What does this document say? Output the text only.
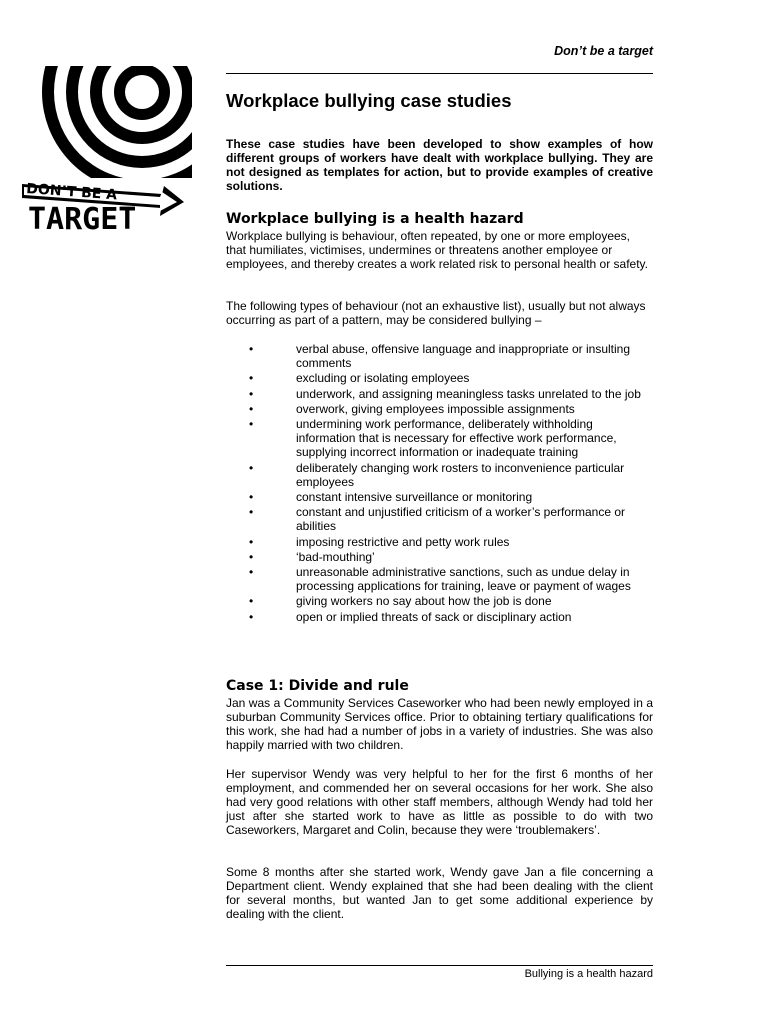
Don’t be a target
DON’T BE A
TARGET
Workplace bullying case studies
These case studies have been developed to show examples of how different groups of workers have dealt with workplace bullying. They are not designed as templates for action, but to provide examples of creative solutions.
Workplace bullying is a health hazard
Workplace bullying is behaviour, often repeated, by one or more employees, that humiliates, victimises, undermines or threatens another employee or employees, and thereby creates a work related risk to personal health or safety.
The following types of behaviour (not an exhaustive list), usually but not always occurring as part of a pattern, may be considered bullying –
•	verbal abuse, offensive language and inappropriate or insulting comments
•	excluding or isolating employees
•	underwork, and assigning meaningless tasks unrelated to the job
•	overwork, giving employees impossible assignments
•	undermining work performance, deliberately withholding information that is necessary for effective work performance, supplying incorrect information or inadequate training
•	deliberately changing work rosters to inconvenience particular employees
•	constant intensive surveillance or monitoring
•	constant and unjustified criticism of a worker’s performance or abilities
•	imposing restrictive and petty work rules
•	‘bad-mouthing’
•	unreasonable administrative sanctions, such as undue delay in processing applications for training, leave or payment of wages
•	giving workers no say about how the job is done
•	open or implied threats of sack or disciplinary action
Case 1: Divide and rule
Jan was a Community Services Caseworker who had been newly employed in a suburban Community Services office. Prior to obtaining tertiary qualifications for this work, she had had a number of jobs in a variety of industries. She was also happily married with two children.
Her supervisor Wendy was very helpful to her for the first 6 months of her employment, and commended her on several occasions for her work. She also had very good relations with other staff members, although Wendy had told her just after she started work to have as little as possible to do with two Caseworkers, Margaret and Colin, because they were ‘troublemakers’.
Some 8 months after she started work, Wendy gave Jan a file concerning a Department client. Wendy explained that she had been dealing with the client for several months, but wanted Jan to get some additional experience by dealing with the client.
Bullying is a health hazard
